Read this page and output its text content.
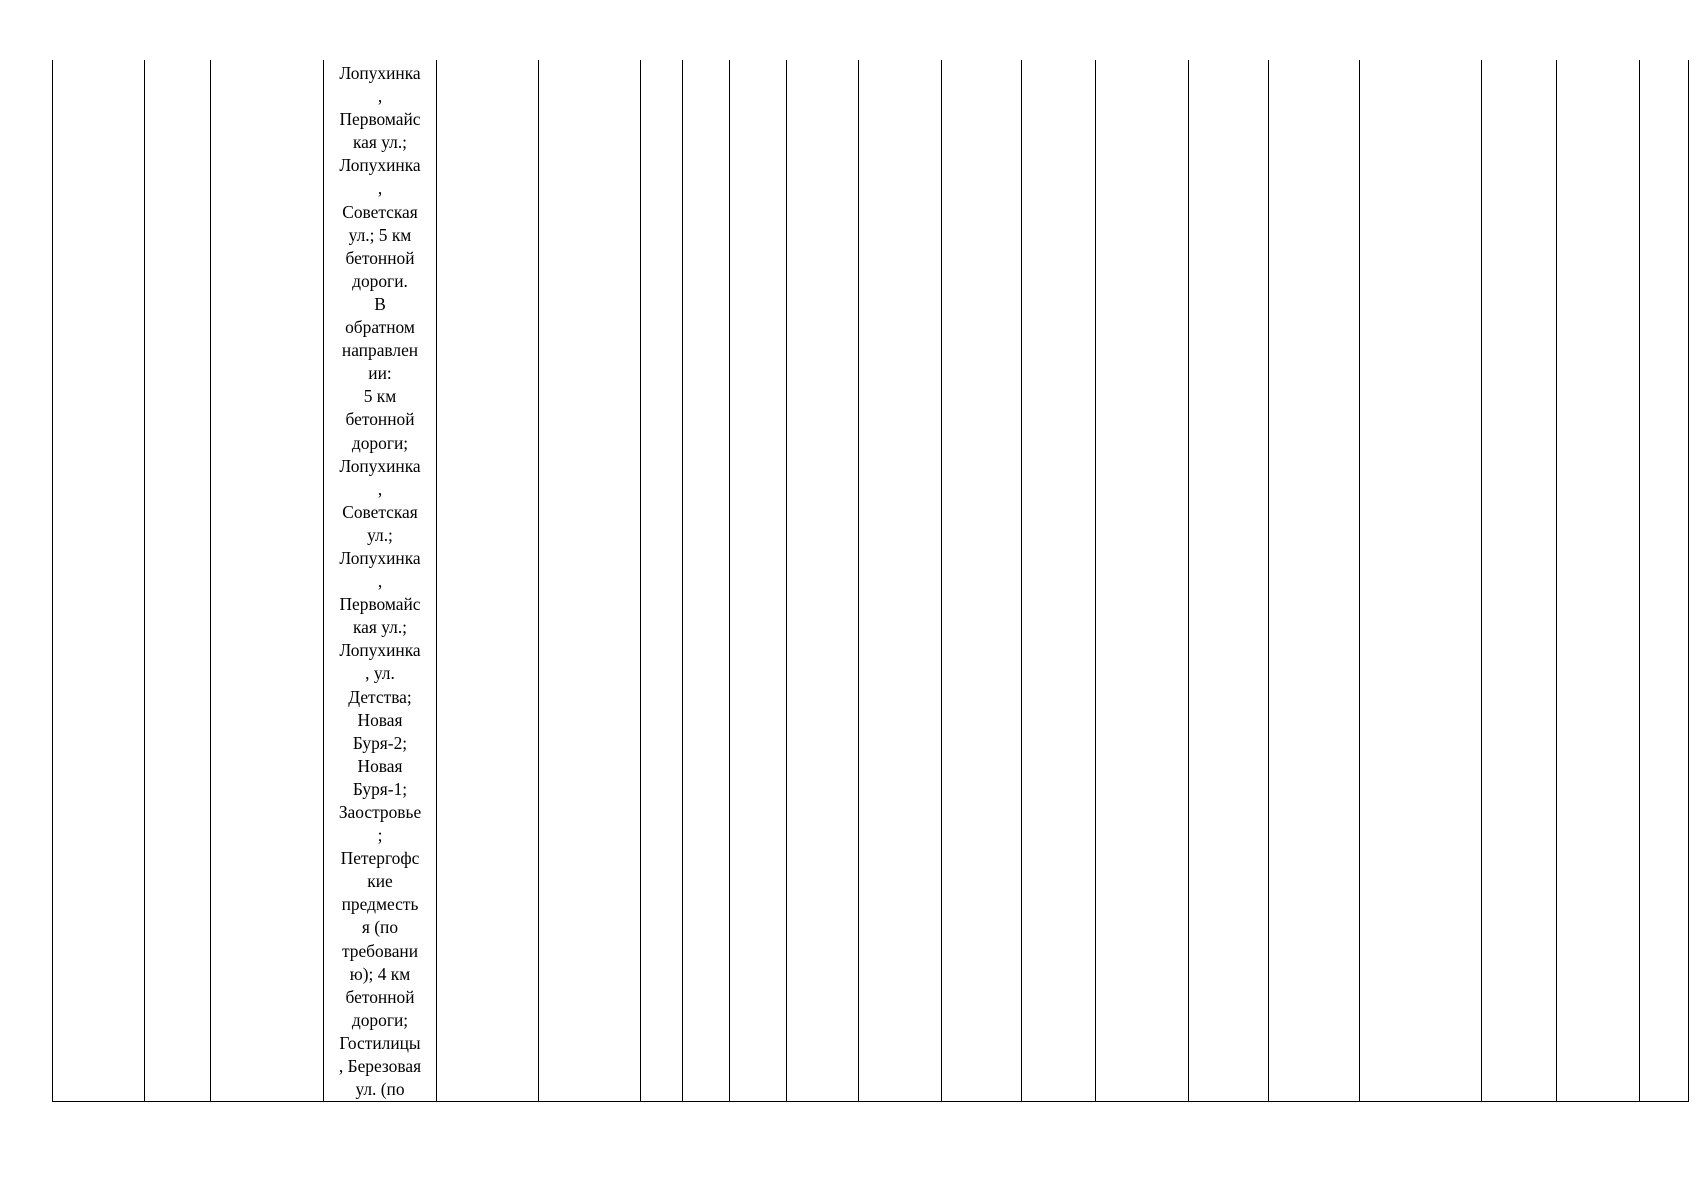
Лопухинка
,
Первомайс
кая ул.;
Лопухинка
,
Советская
ул.; 5 км
бетонной
дороги.
В
обратном
направлен
ии:
5 км
бетонной
дороги;
Лопухинка
,
Советская
ул.;
Лопухинка
,
Первомайс
кая ул.;
Лопухинка
, ул.
Детства;
Новая
Буря-2;
Новая
Буря-1;
Заостровье
;
Петергофс
кие
предместь
я (по
требовани
ю); 4 км
бетонной
дороги;
Гостилицы
, Березовая
ул. (по
